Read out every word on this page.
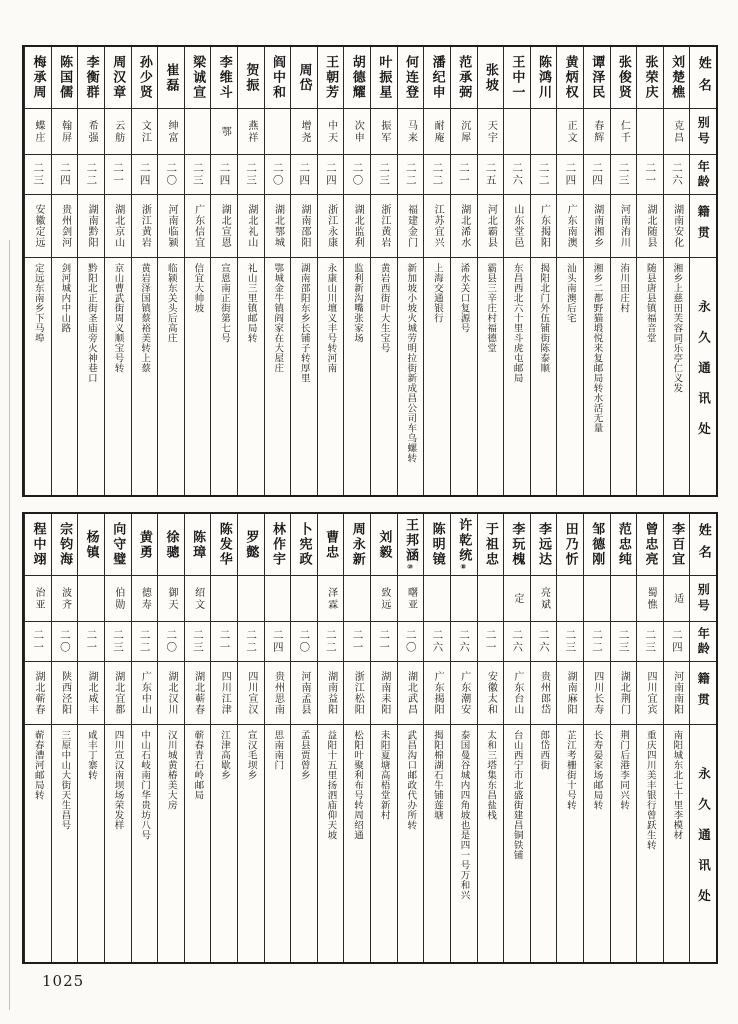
姓名
别号
年龄
籍贯
永久通讯处
刘楚樵
克昌
二六
湖南安化
湘乡上慈田芙容同乐亭仁义发
张荣庆
二一
湖北随县
随县唐县镇福音堂
张俊贤
仁千
二三
河南洧川
洧川田庄村
谭泽民
春辉
二四
湖南湘乡
湘乡二都野猫塅悦来复邮局转水活无量
黄炳权
正文
二四
广东南澳
汕头南澳后宅
陈鸿川
二二
广东揭阳
揭阳北门外伍铺街陈泰顺
王中一
二六
山东堂邑
东昌西北六十里斗虎屯邮局
张坡
天宇
二五
河北霸县
霸县三辛庄村福德堂
范承弼
沉犀
二一
湖北浠水
浠水关口复源号
潘纪申
耐庵
二二
江苏宜兴
上海交通银行
何连登
马来
二二
福建金门
新加坡小坡火城劳明拉街新成昌公司车乌螺转
叶振星
振军
二三
浙江黄岩
黄岩西街叶大生宝号
胡德耀
次申
二〇
湖北监利
监利新沟嘴张家场
王朝芳
中天
二四
浙江永康
永康山川壇义丰号转河南
周岱
增尧
二四
湖南邵阳
湖南邵阳东乡长铺子转厚里
阎中和
二〇
湖北鄂城
鄂城金牛镇阎家在大屋庄
贺振
燕祥
二三
湖北礼山
礼山三里镇邮局转
李维斗
鄂
二四
湖北宣恩
宣恩南正街第七号
梁诚宣
二三
广东信宜
信宜大帅坡
崔磊
绅富
二〇
河南临颍
临颍东关头后高庄
孙少贤
文江
二四
浙江黄岩
黄岩泽国镇蔡裕美转上蔡
周汉章
云舫
二一
湖北京山
京山曹武街周义顺宝号转
李衡群
希强
二二
湖南黔阳
黔阳北正街圣庙旁火神巷口
陈国儒
翰屏
二四
贵州剑河
剑河城内中山路
梅承周
蝶庄
二三
安徽定远
定远东南乡下马埠
姓名
别号
年龄
籍贯
永久通讯处
李百宜
适
二四
河南南阳
南阳城东北七十里李模材
曾忠亮
蜀憔
二三
四川宜宾
重庆四川美丰银行曾跃生转
范忠纯
二三
湖北荆门
荆门后港李同兴转
邹德刚
二二
四川长寿
长寿晏家场邮局转
田乃忻
二三
湖南麻阳
芷江考栅街十号转
李远达
亮斌
二六
贵州郎岱
郎岱西街
李玩槐
定
二六
广东台山
台山西宁市北盛街建昌铜铁铺
于祖忠
二一
安徽太和
太和三塔集东昌盐栈
许乾统⑧
二六
广东潮安
泰国曼谷城内四角坡也是四一号万和兴
陈明镜
二六
广东揭阳
揭阳棉湖石牛铺莲塘
王邦涵⑩
曙亚
二〇
湖北武昌
武昌沟口邮政代办所转
刘毅
致远
二一
湖南耒阳
耒阳夏塘高梧堂新村
周永新
二一
浙江松阳
松阳叶聚利布号转周绍通
曹忠
泽霖
二二
湖南益阳
益阳十五里扬泗庙仰天坡
卜宪政
二〇
河南孟县
孟县贾曾乡
林作宇
二四
贵州思南
思南南门
罗懿
二二
四川宣汉
宣汉毛坝乡
陈发华
二一
四川江津
江津高歇乡
陈璋
绍文
二三
湖北蕲春
蕲春青石岭邮局
徐骢
御天
二〇
湖北汉川
汉川城黄椿美大房
黄勇
德寿
二二
广东中山
中山石岐南门华贵坊八号
向守璧
伯勋
二三
湖北宜都
四川宣汉南坝场荣发样
杨镇
二一
湖北咸丰
咸丰丁寨转
宗钧海
波齐
二〇
陕西泾阳
三原中山大街天生昌号
程中翊
治亚
二一
湖北蕲春
蕲春漕河邮局转
1025
